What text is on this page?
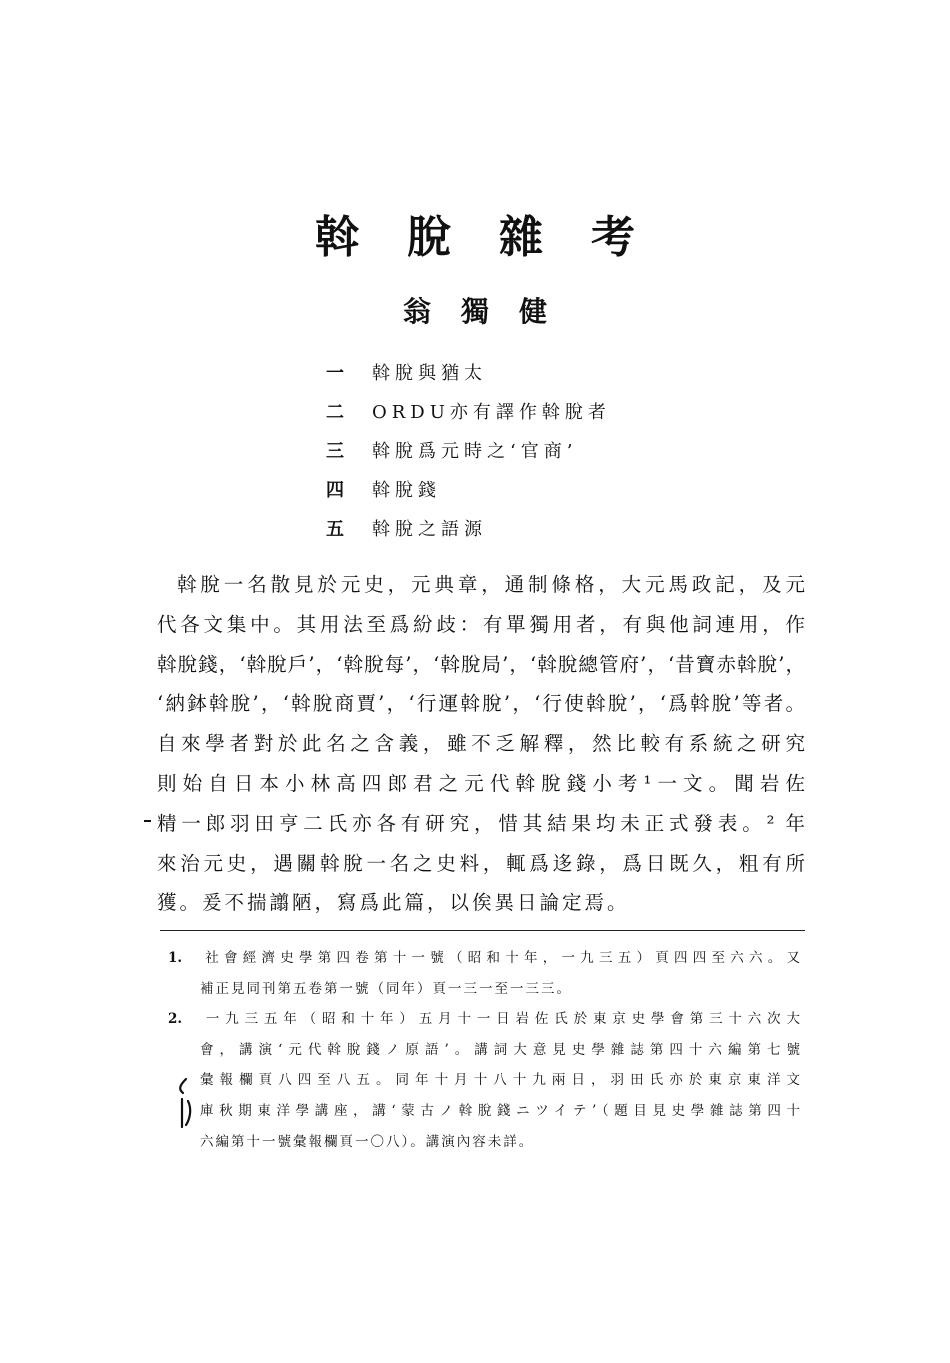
斡脫雜考
翁獨健
一 斡脫與猶太
二 ORDU亦有譯作斡脫者
三 斡脫爲元時之‘官商’
四 斡脫錢
五 斡脫之語源
斡脫一名散見於元史，元典章，通制條格，大元馬政記，及元
代各文集中。其用法至爲紛歧：有單獨用者，有與他詞連用，作
斡脫錢，‘斡脫戶’，‘斡脫每’，‘斡脫局’，‘斡脫總管府’，‘昔寶赤斡脫’，
‘納鉢斡脫’，‘斡脫商賈’，‘行運斡脫’，‘行使斡脫’，‘爲斡脫’等者。
自來學者對於此名之含義，雖不乏解釋，然比較有系統之研究
則始自日本小林高四郎君之元代斡脫錢小考¹一文。聞岩佐
精一郎羽田亨二氏亦各有研究，惜其結果均未正式發表。² 年
來治元史，遇關斡脫一名之史料，輒爲迻錄，爲日既久，粗有所
獲。爰不揣譾陋，寫爲此篇，以俟異日論定焉。
1. 社會經濟史學第四卷第十一號（昭和十年，一九三五）頁四四至六六。又
補正見同刊第五卷第一號（同年）頁一三一至一三三。
2. 一九三五年（昭和十年）五月十一日岩佐氏於東京史學會第三十六次大
會，講演‘元代斡脫錢ノ原語’。講詞大意見史學雜誌第四十六編第七號
彙報欄頁八四至八五。同年十月十八十九兩日，羽田氏亦於東京東洋文
庫秋期東洋學講座，講‘蒙古ノ斡脫錢ニツイテ’（題目見史學雜誌第四十
六編第十一號彙報欄頁一〇八）。講演內容未詳。
